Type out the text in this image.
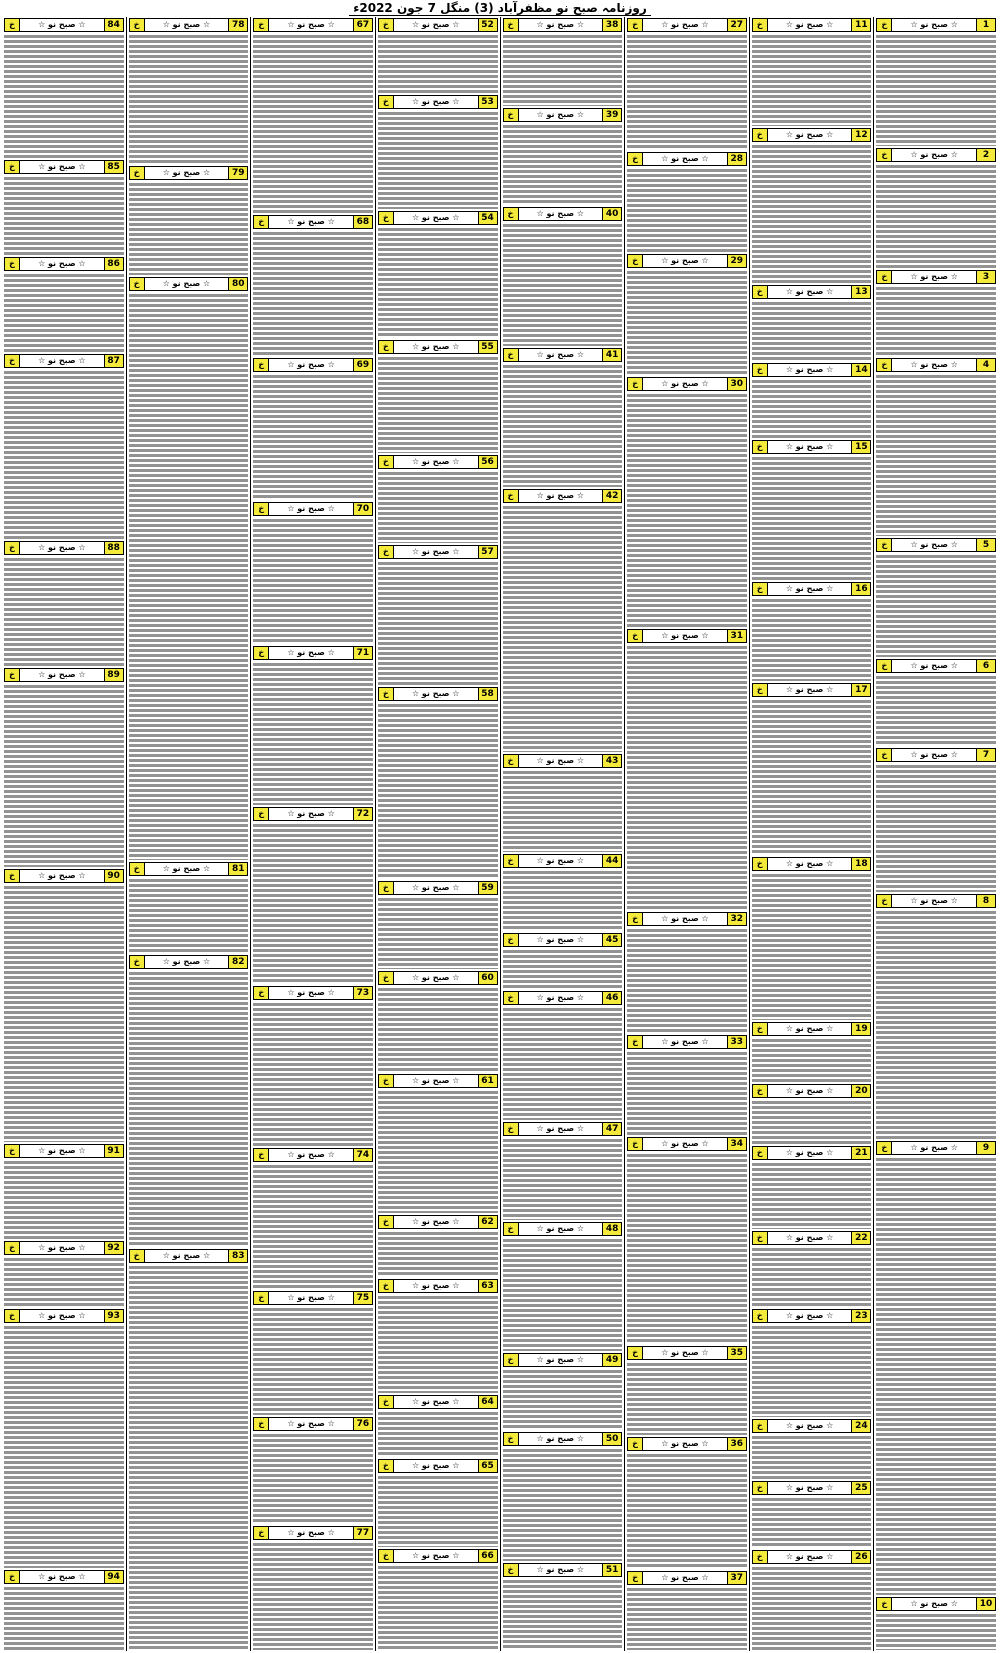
روزنامہ صبح نو مظفرآباد (3) منگل 7 جون 2022ء
1
☆ صبح نو ☆
خ
2
☆ صبح نو ☆
خ
3
☆ صبح نو ☆
خ
4
☆ صبح نو ☆
خ
5
☆ صبح نو ☆
خ
6
☆ صبح نو ☆
خ
7
☆ صبح نو ☆
خ
8
☆ صبح نو ☆
خ
9
☆ صبح نو ☆
خ
10
☆ صبح نو ☆
خ
11
☆ صبح نو ☆
خ
12
☆ صبح نو ☆
خ
13
☆ صبح نو ☆
خ
14
☆ صبح نو ☆
خ
15
☆ صبح نو ☆
خ
16
☆ صبح نو ☆
خ
17
☆ صبح نو ☆
خ
18
☆ صبح نو ☆
خ
19
☆ صبح نو ☆
خ
20
☆ صبح نو ☆
خ
21
☆ صبح نو ☆
خ
22
☆ صبح نو ☆
خ
23
☆ صبح نو ☆
خ
24
☆ صبح نو ☆
خ
25
☆ صبح نو ☆
خ
26
☆ صبح نو ☆
خ
27
☆ صبح نو ☆
خ
28
☆ صبح نو ☆
خ
29
☆ صبح نو ☆
خ
30
☆ صبح نو ☆
خ
31
☆ صبح نو ☆
خ
32
☆ صبح نو ☆
خ
33
☆ صبح نو ☆
خ
34
☆ صبح نو ☆
خ
35
☆ صبح نو ☆
خ
36
☆ صبح نو ☆
خ
37
☆ صبح نو ☆
خ
38
☆ صبح نو ☆
خ
39
☆ صبح نو ☆
خ
40
☆ صبح نو ☆
خ
41
☆ صبح نو ☆
خ
42
☆ صبح نو ☆
خ
43
☆ صبح نو ☆
خ
44
☆ صبح نو ☆
خ
45
☆ صبح نو ☆
خ
46
☆ صبح نو ☆
خ
47
☆ صبح نو ☆
خ
48
☆ صبح نو ☆
خ
49
☆ صبح نو ☆
خ
50
☆ صبح نو ☆
خ
51
☆ صبح نو ☆
خ
52
☆ صبح نو ☆
خ
53
☆ صبح نو ☆
خ
54
☆ صبح نو ☆
خ
55
☆ صبح نو ☆
خ
56
☆ صبح نو ☆
خ
57
☆ صبح نو ☆
خ
58
☆ صبح نو ☆
خ
59
☆ صبح نو ☆
خ
60
☆ صبح نو ☆
خ
61
☆ صبح نو ☆
خ
62
☆ صبح نو ☆
خ
63
☆ صبح نو ☆
خ
64
☆ صبح نو ☆
خ
65
☆ صبح نو ☆
خ
66
☆ صبح نو ☆
خ
67
☆ صبح نو ☆
خ
68
☆ صبح نو ☆
خ
69
☆ صبح نو ☆
خ
70
☆ صبح نو ☆
خ
71
☆ صبح نو ☆
خ
72
☆ صبح نو ☆
خ
73
☆ صبح نو ☆
خ
74
☆ صبح نو ☆
خ
75
☆ صبح نو ☆
خ
76
☆ صبح نو ☆
خ
77
☆ صبح نو ☆
خ
78
☆ صبح نو ☆
خ
79
☆ صبح نو ☆
خ
80
☆ صبح نو ☆
خ
81
☆ صبح نو ☆
خ
82
☆ صبح نو ☆
خ
83
☆ صبح نو ☆
خ
84
☆ صبح نو ☆
خ
85
☆ صبح نو ☆
خ
86
☆ صبح نو ☆
خ
87
☆ صبح نو ☆
خ
88
☆ صبح نو ☆
خ
89
☆ صبح نو ☆
خ
90
☆ صبح نو ☆
خ
91
☆ صبح نو ☆
خ
92
☆ صبح نو ☆
خ
93
☆ صبح نو ☆
خ
94
☆ صبح نو ☆
خ
